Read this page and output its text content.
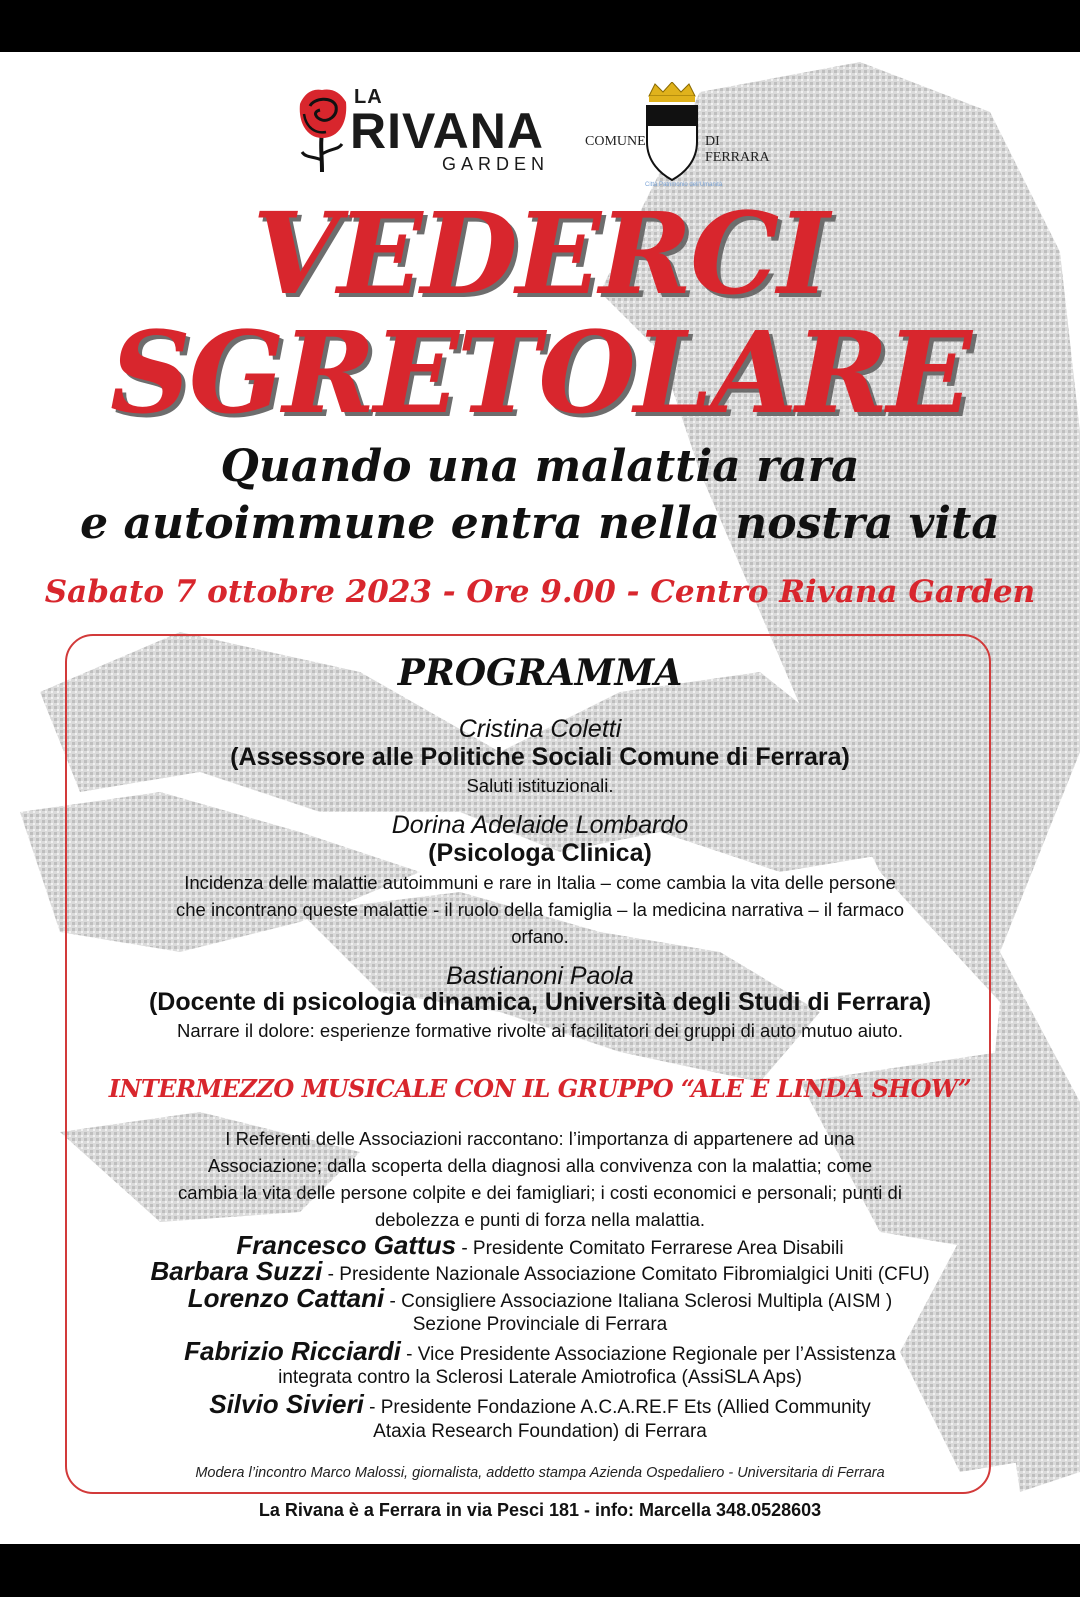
LA
RIVANA
GARDEN
COMUNE	DI FERRARA
Città Patrimonio dell'Umanità
VEDERCI
SGRETOLARE
Quando una malattia rara
e autoimmune entra nella nostra vita
Sabato 7 ottobre 2023 - Ore 9.00 - Centro Rivana Garden
PROGRAMMA
Cristina Coletti
(Assessore alle Politiche Sociali Comune di Ferrara)
Saluti istituzionali.
Dorina Adelaide Lombardo
(Psicologa Clinica)
Incidenza delle malattie autoimmuni e rare in Italia – come cambia la vita delle persone
che incontrano queste malattie - il ruolo della famiglia – la medicina narrativa – il farmaco
orfano.
Bastianoni Paola
(Docente di psicologia dinamica, Università degli Studi di Ferrara)
Narrare il dolore: esperienze formative rivolte ai facilitatori dei gruppi di auto mutuo aiuto.
INTERMEZZO MUSICALE CON IL GRUPPO “ALE E LINDA SHOW”
I Referenti delle Associazioni raccontano: l’importanza di appartenere ad una
Associazione; dalla scoperta della diagnosi alla convivenza con la malattia; come
cambia la vita delle persone colpite e dei famigliari; i costi economici e personali; punti di
debolezza e punti di forza nella malattia.
Francesco Gattus - Presidente Comitato Ferrarese Area Disabili
Barbara Suzzi - Presidente Nazionale Associazione Comitato Fibromialgici Uniti (CFU)
Lorenzo Cattani - Consigliere Associazione Italiana Sclerosi Multipla (AISM )
Sezione Provinciale di Ferrara
Fabrizio Ricciardi - Vice Presidente Associazione Regionale per l’Assistenza
integrata contro la Sclerosi Laterale Amiotrofica (AssiSLA Aps)
Silvio Sivieri - Presidente Fondazione A.C.A.RE.F Ets (Allied Community
Ataxia Research Foundation) di Ferrara
Modera l’incontro Marco Malossi, giornalista, addetto stampa Azienda Ospedaliero - Universitaria di Ferrara
La Rivana è a Ferrara in via Pesci 181 - info: Marcella 348.0528603
